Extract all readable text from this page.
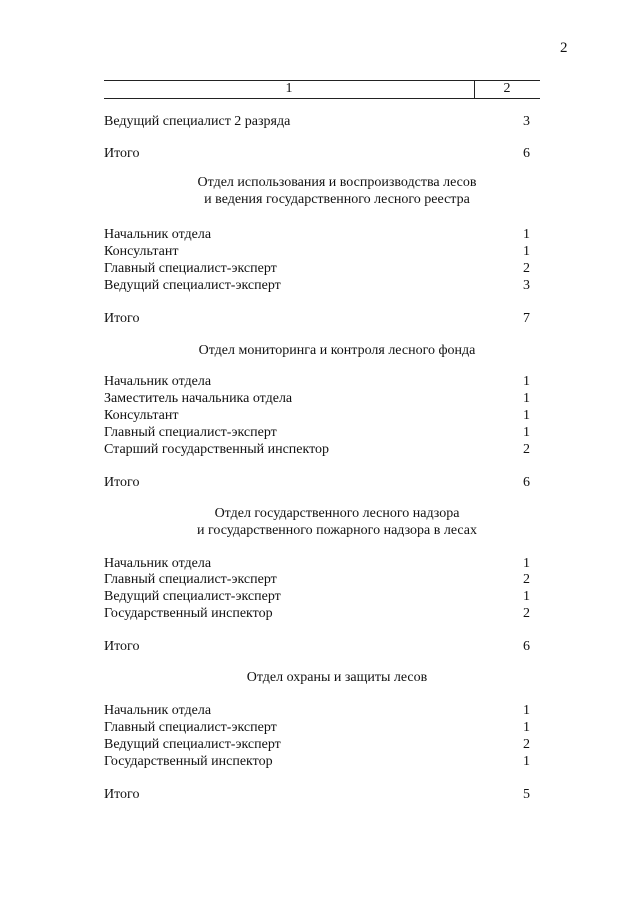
2
1	2
Ведущий специалист 2 разряда	3
Итого	6
Отдел использования и воспроизводства лесов
и ведения государственного лесного реестра
Начальник отдела	1
Консультант	1
Главный специалист-эксперт	2
Ведущий специалист-эксперт	3
Итого	7
Отдел мониторинга и контроля лесного фонда
Начальник отдела	1
Заместитель начальника отдела	1
Консультант	1
Главный специалист-эксперт	1
Старший государственный инспектор	2
Итого	6
Отдел государственного лесного надзора
и государственного пожарного надзора в лесах
Начальник отдела	1
Главный специалист-эксперт	2
Ведущий специалист-эксперт	1
Государственный инспектор	2
Итого	6
Отдел охраны и защиты лесов
Начальник отдела	1
Главный специалист-эксперт	1
Ведущий специалист-эксперт	2
Государственный инспектор	1
Итого	5
